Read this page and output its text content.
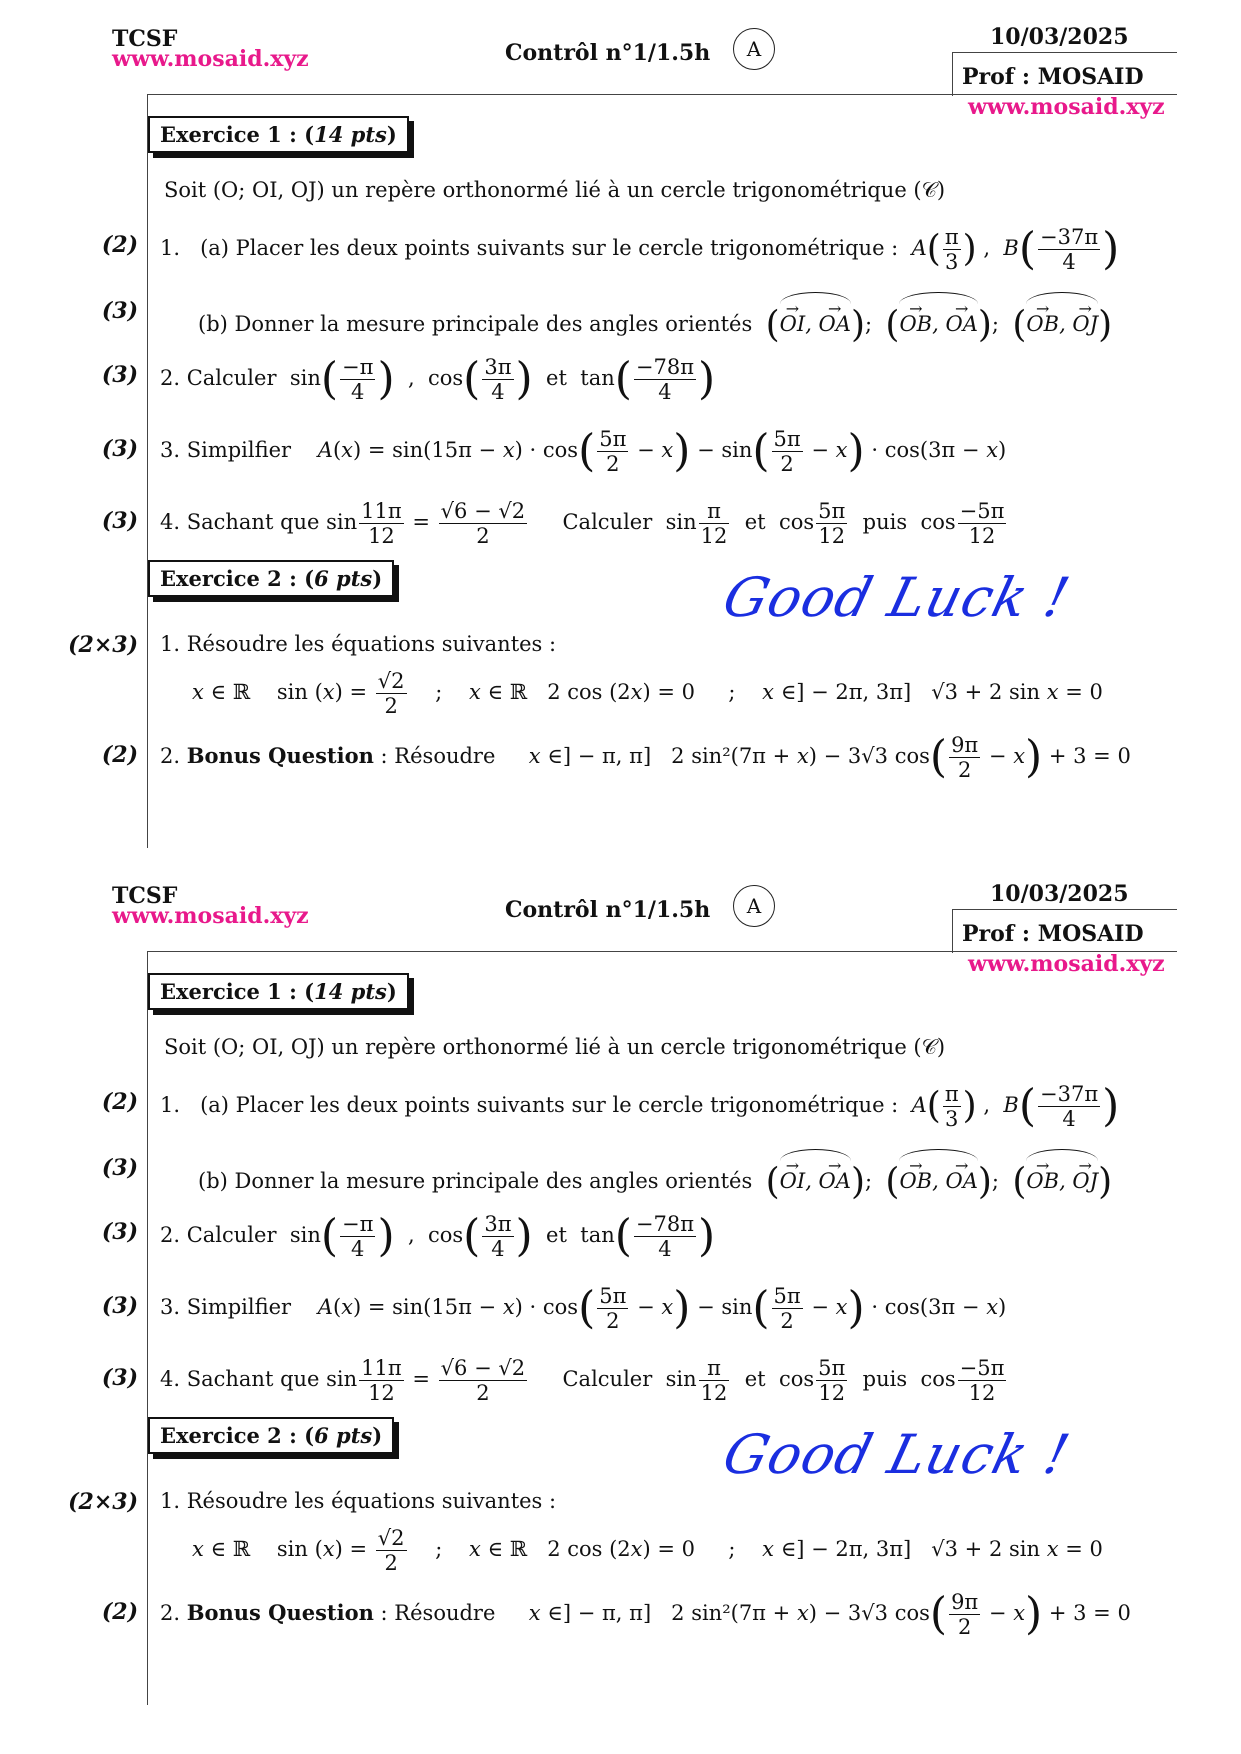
TCSF
www.mosaid.xyz	Contrôl n°1/1.5h	A	10/03/2025
Prof : MOSAID
www.mosaid.xyz
Exercice 1 : (14 pts)
Soit (O; OI, OJ) un repère orthonormé lié à un cercle trigonométrique (𝒞)
(2) 1. (a) Placer les deux points suivants sur le cercle trigonométrique : $A( \frac{\pi}{3}$ ) ,  $B( \frac{-37\pi}{4}$ )
(3)	(b) Donner la mesure principale des angles orientés (→ OI, → OA);  (→ OB, → OA);  (→ OB, → OJ)
(3) 2. Calculer  $\sin( \frac{-\pi}{4}$ )  ,  $\cos( \frac{3\pi}{4}$ )  et  $\tan( \frac{-78\pi}{4}$ )
(3) 3. Simpilfier $A(x) = \sin(15\pi - x) \cdot \cos( \frac{5\pi}{2} - x) - \sin( \frac{5\pi}{2} - x) \cdot \cos(3\pi - x)$
(3) 4. Sachant que $\sin \frac{11\pi}{12} = \frac{√6 - √2}{2}$ Calculer  $\sin \frac{\pi}{12}$ et  $\cos \frac{5\pi}{12}$ puis  $\cos \frac{-5\pi}{12}$
Exercice 2 : (6 pts)	Good Luck !
(2×3) 1. Résoudre les équations suivantes :
x ∈ ℝ    $\sin (x) = \frac{√2}{2}$ ;    x ∈ ℝ   2 cos (2x) = 0     ;    x ∈] − 2π, 3π]   √3 + 2 sin x = 0
(2) 2. Bonus Question : Résoudre x ∈] − π, π]   2 sin²(7π + x) − 3√3 $\cos( \frac{9\pi}{2} - x) + 3 = 0$
TCSF
www.mosaid.xyz	Contrôl n°1/1.5h	A	10/03/2025
Prof : MOSAID
www.mosaid.xyz
Exercice 1 : (14 pts)
Soit (O; OI, OJ) un repère orthonormé lié à un cercle trigonométrique (𝒞)
(2) 1. (a) Placer les deux points suivants sur le cercle trigonométrique : $A( \frac{\pi}{3}$ ) ,  $B( \frac{-37\pi}{4}$ )
(3)	(b) Donner la mesure principale des angles orientés (→ OI, → OA);  (→ OB, → OA);  (→ OB, → OJ)
(3) 2. Calculer  $\sin( \frac{-\pi}{4}$ )  ,  $\cos( \frac{3\pi}{4}$ )  et  $\tan( \frac{-78\pi}{4}$ )
(3) 3. Simpilfier $A(x) = \sin(15\pi - x) \cdot \cos( \frac{5\pi}{2} - x) - \sin( \frac{5\pi}{2} - x) \cdot \cos(3\pi - x)$
(3) 4. Sachant que $\sin \frac{11\pi}{12} = \frac{√6 - √2}{2}$ Calculer  $\sin \frac{\pi}{12}$ et  $\cos \frac{5\pi}{12}$ puis  $\cos \frac{-5\pi}{12}$
Exercice 2 : (6 pts)	Good Luck !
(2×3) 1. Résoudre les équations suivantes :
x ∈ ℝ    $\sin (x) = \frac{√2}{2}$ ;    x ∈ ℝ   2 cos (2x) = 0     ;    x ∈] − 2π, 3π]   √3 + 2 sin x = 0
(2) 2. Bonus Question : Résoudre x ∈] − π, π]   2 sin²(7π + x) − 3√3 $\cos( \frac{9\pi}{2} - x) + 3 = 0$
